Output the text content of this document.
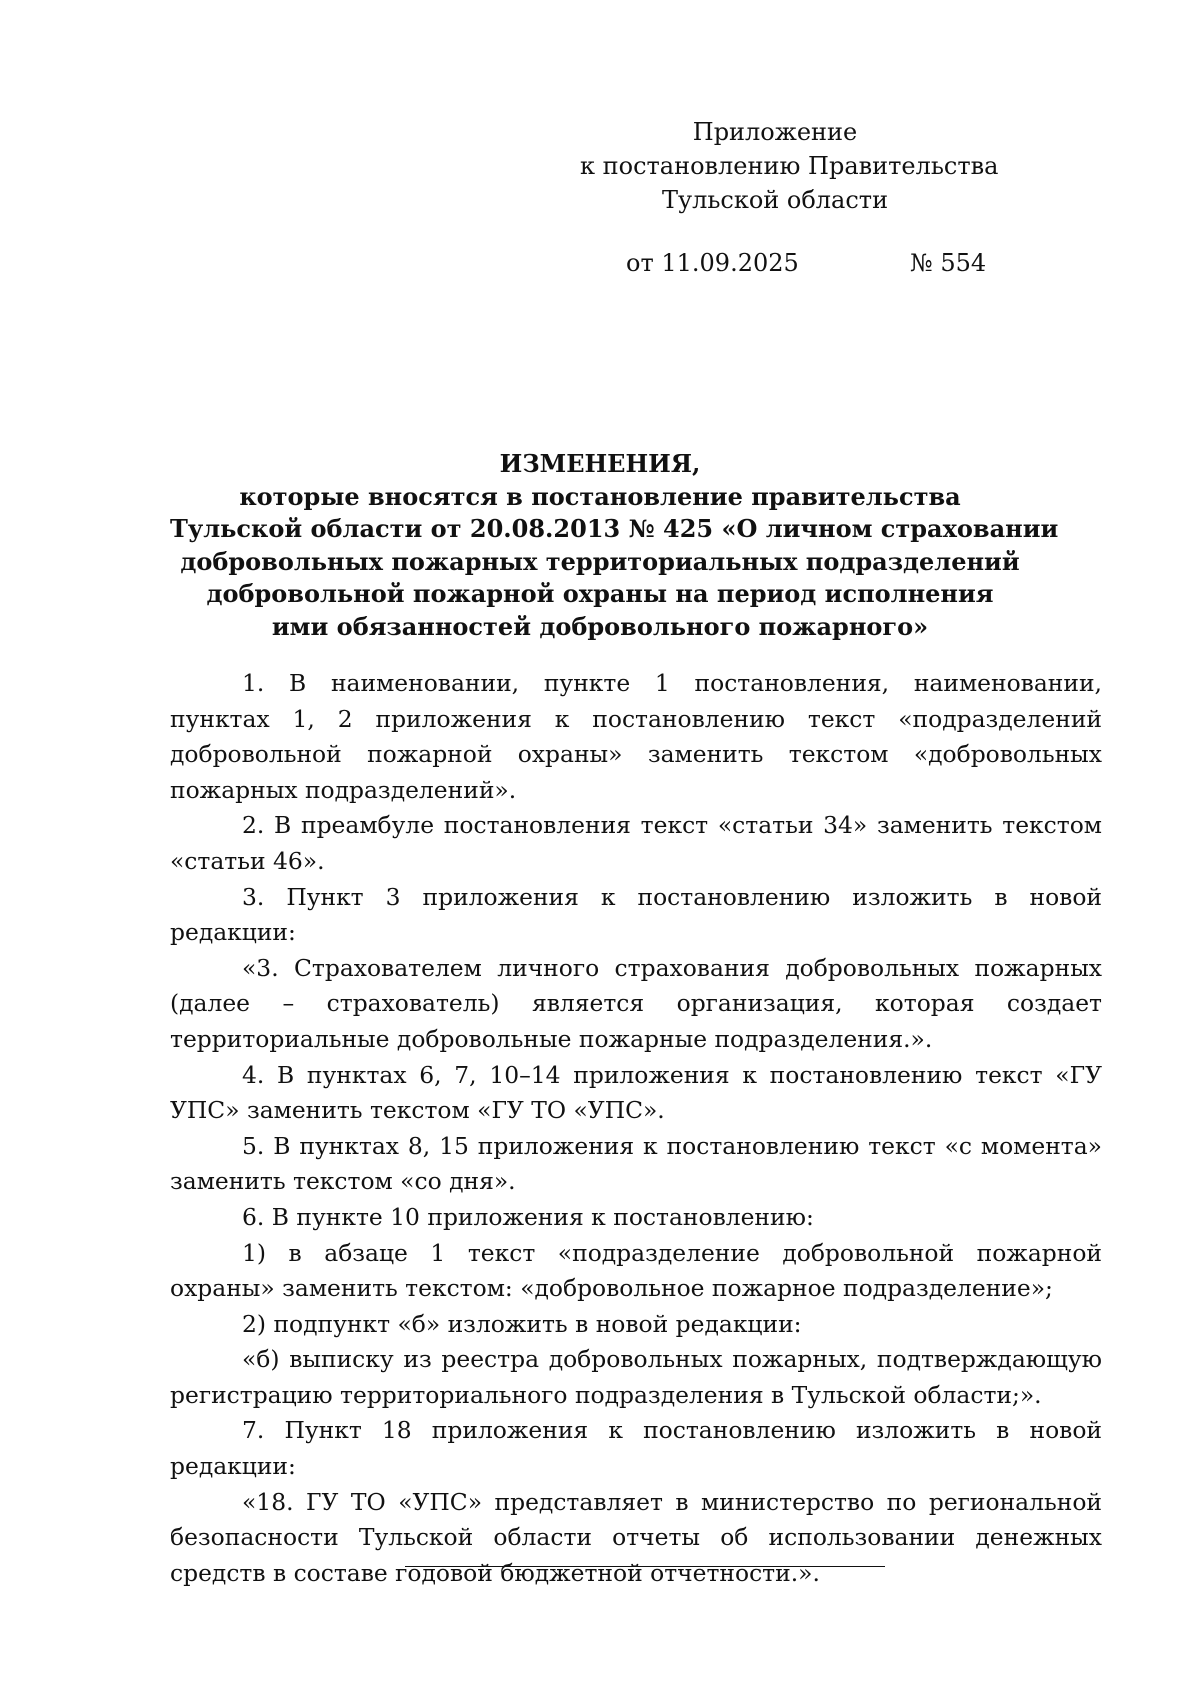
Приложение
к постановлению Правительства
Тульской области
от 11.09.2025	№ 554
ИЗМЕНЕНИЯ,
которые вносятся в постановление правительства
Тульской области от 20.08.2013 № 425 «О личном страховании
добровольных пожарных территориальных подразделений
добровольной пожарной охраны на период исполнения
ими обязанностей добровольного пожарного»

1. В наименовании, пункте 1 постановления, наименовании, пунктах 1, 2 приложения к постановлению текст «подразделений добровольной пожарной охраны» заменить текстом «добровольных пожарных подразделений».

2. В преамбуле постановления текст «статьи 34» заменить текстом «статьи 46».

3. Пункт 3 приложения к постановлению изложить в новой редакции:

«3. Страхователем личного страхования добровольных пожарных (далее – страхователь) является организация, которая создает территориальные добровольные пожарные подразделения.».

4. В пунктах 6, 7, 10–14 приложения к постановлению текст «ГУ УПС» заменить текстом «ГУ ТО «УПС».

5. В пунктах 8, 15 приложения к постановлению текст «с момента» заменить текстом «со дня».

6. В пункте 10 приложения к постановлению:

1) в абзаце 1 текст «подразделение добровольной пожарной охраны» заменить текстом: «добровольное пожарное подразделение»;

2) подпункт «б» изложить в новой редакции:

«б) выписку из реестра добровольных пожарных, подтверждающую регистрацию территориального подразделения в Тульской области;».

7. Пункт 18 приложения к постановлению изложить в новой редакции:

«18. ГУ ТО «УПС» представляет в министерство по региональной безопасности Тульской области отчеты об использовании денежных средств в составе годовой бюджетной отчетности.».
